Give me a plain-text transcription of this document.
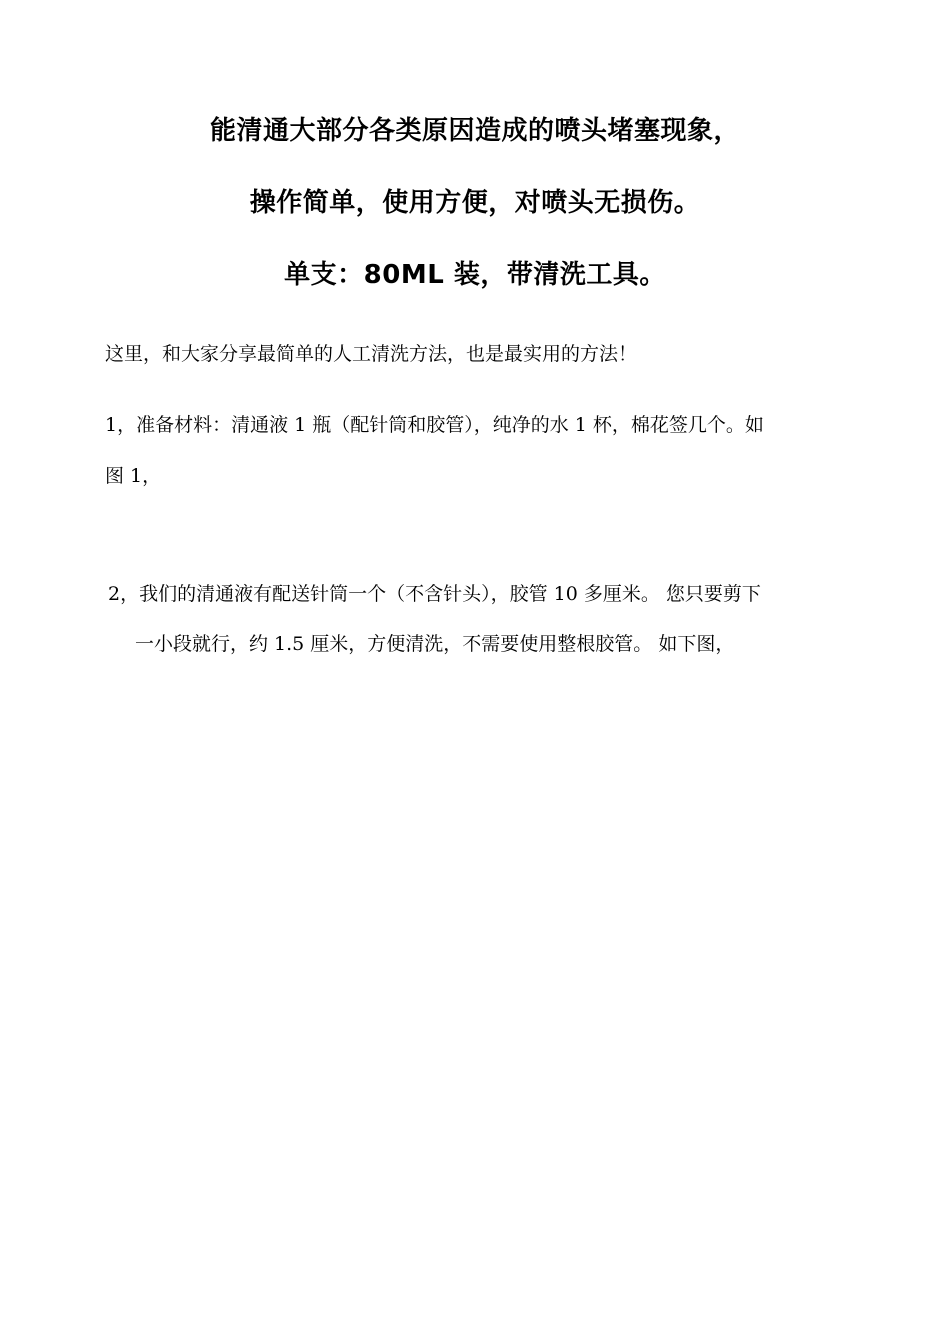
能清通大部分各类原因造成的喷头堵塞现象，
操作简单，使用方便，对喷头无损伤。
单支：80ML 装，带清洗工具。
这里，和大家分享最简单的人工清洗方法，也是最实用的方法！
1，准备材料：清通液 1 瓶（配针筒和胶管），纯净的水 1 杯，棉花签几个。如
图 1，
2，我们的清通液有配送针筒一个（不含针头），胶管 10 多厘米。 您只要剪下
一小段就行，约 1.5 厘米，方便清洗，不需要使用整根胶管。 如下图，
